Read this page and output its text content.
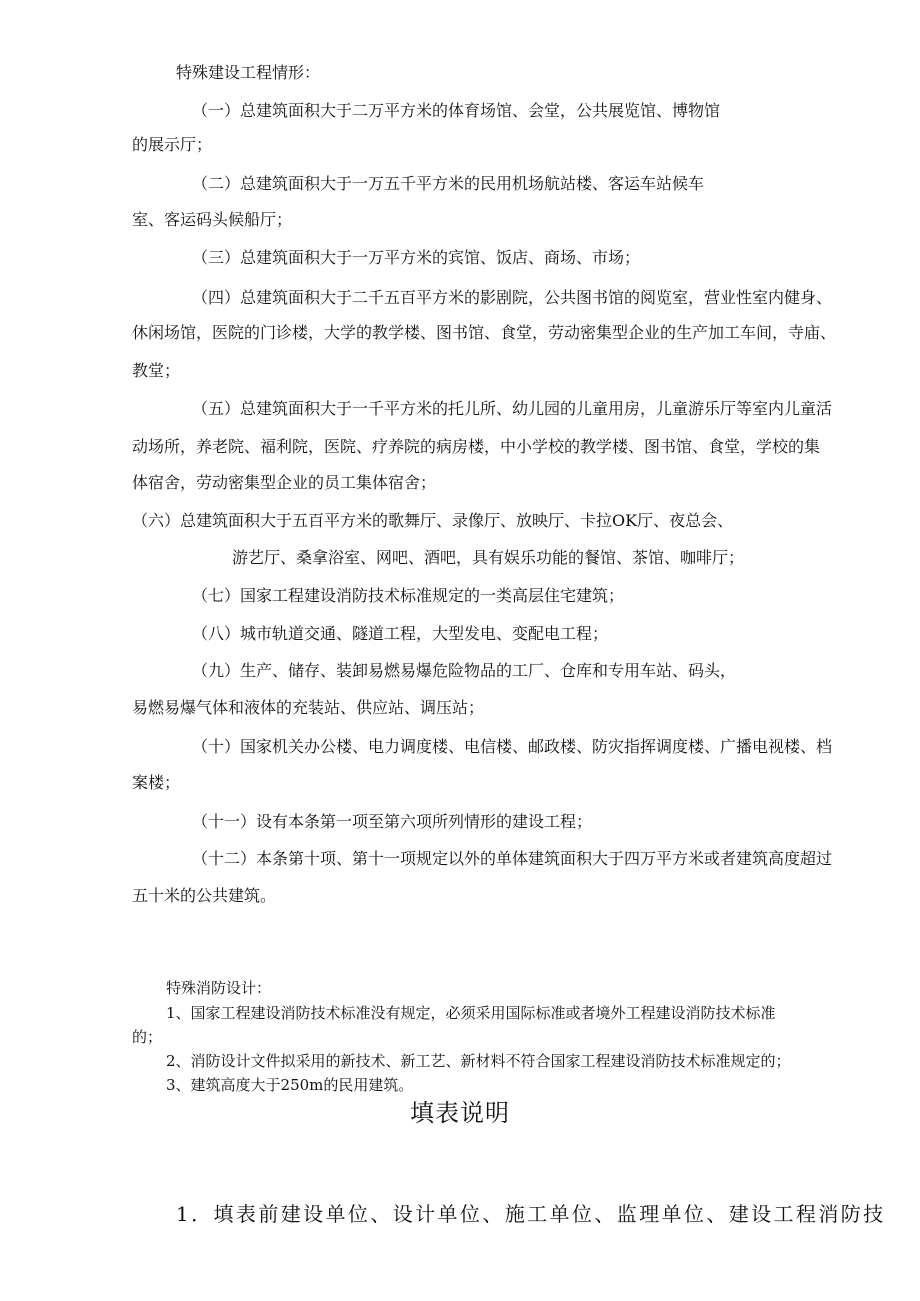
特殊建设工程情形：
（一）总建筑面积大于二万平方米的体育场馆、会堂，公共展览馆、博物馆
的展示厅；
（二）总建筑面积大于一万五千平方米的民用机场航站楼、客运车站候车
室、客运码头候船厅；
（三）总建筑面积大于一万平方米的宾馆、饭店、商场、市场；
（四）总建筑面积大于二千五百平方米的影剧院，公共图书馆的阅览室，营业性室内健身、
休闲场馆，医院的门诊楼，大学的教学楼、图书馆、食堂，劳动密集型企业的生产加工车间，寺庙、
教堂；
（五）总建筑面积大于一千平方米的托儿所、幼儿园的儿童用房，儿童游乐厅等室内儿童活
动场所，养老院、福利院，医院、疗养院的病房楼，中小学校的教学楼、图书馆、食堂，学校的集
体宿舍，劳动密集型企业的员工集体宿舍；
（六）总建筑面积大于五百平方米的歌舞厅、录像厅、放映厅、卡拉OK厅、夜总会、
游艺厅、桑拿浴室、网吧、酒吧，具有娱乐功能的餐馆、茶馆、咖啡厅；
（七）国家工程建设消防技术标准规定的一类高层住宅建筑；
（八）城市轨道交通、隧道工程，大型发电、变配电工程；
（九）生产、储存、装卸易燃易爆危险物品的工厂、仓库和专用车站、码头，
易燃易爆气体和液体的充装站、供应站、调压站；
（十）国家机关办公楼、电力调度楼、电信楼、邮政楼、防灾指挥调度楼、广播电视楼、档
案楼；
（十一）设有本条第一项至第六项所列情形的建设工程；
（十二）本条第十项、第十一项规定以外的单体建筑面积大于四万平方米或者建筑高度超过
五十米的公共建筑。
特殊消防设计：
1、国家工程建设消防技术标准没有规定，必须采用国际标准或者境外工程建设消防技术标准
的；
2、消防设计文件拟采用的新技术、新工艺、新材料不符合国家工程建设消防技术标准规定的；
3、建筑高度大于250m的民用建筑。
填表说明
1．填表前建设单位、设计单位、施工单位、监理单位、建设工程消防技
